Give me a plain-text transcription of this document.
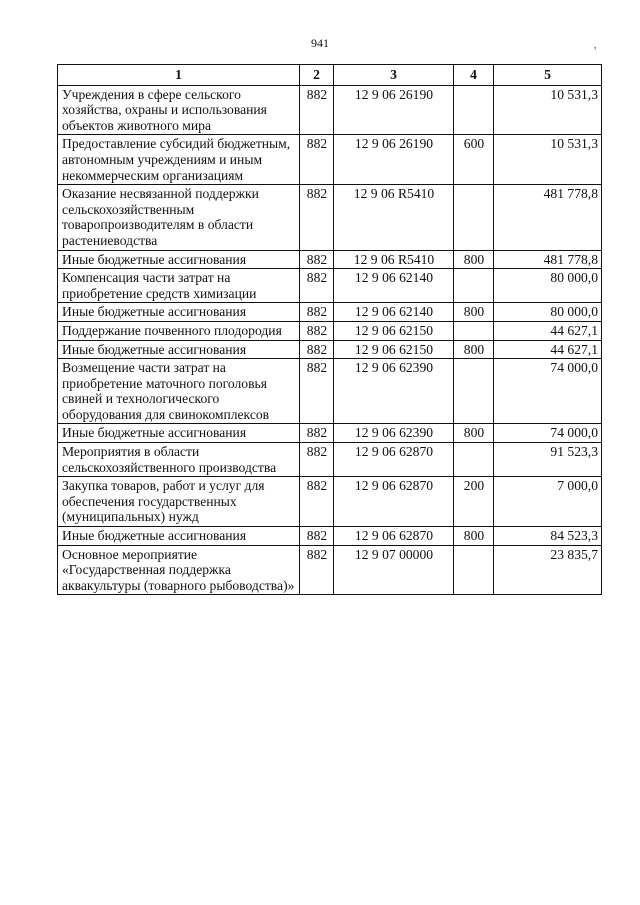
941	,
1	2	3	4	5
Учреждения в сфере сельского хозяйства, охраны и использования объектов животного мира	882	12 9 06 26190		10 531,3
Предоставление субсидий бюджетным, автономным учреждениям и иным некоммерческим организациям	882	12 9 06 26190	600	10 531,3
Оказание несвязанной поддержки сельскохозяйственным товаропроизводителям в области растениеводства	882	12 9 06 R5410		481 778,8
Иные бюджетные ассигнования	882	12 9 06 R5410	800	481 778,8
Компенсация части затрат на приобретение средств химизации	882	12 9 06 62140		80 000,0
Иные бюджетные ассигнования	882	12 9 06 62140	800	80 000,0
Поддержание почвенного плодородия	882	12 9 06 62150		44 627,1
Иные бюджетные ассигнования	882	12 9 06 62150	800	44 627,1
Возмещение части затрат на приобретение маточного поголовья свиней и технологического оборудования для свинокомплексов	882	12 9 06 62390		74 000,0
Иные бюджетные ассигнования	882	12 9 06 62390	800	74 000,0
Мероприятия в области сельскохозяйственного производства	882	12 9 06 62870		91 523,3
Закупка товаров, работ и услуг для обеспечения государственных (муниципальных) нужд	882	12 9 06 62870	200	7 000,0
Иные бюджетные ассигнования	882	12 9 06 62870	800	84 523,3
Основное мероприятие «Государственная поддержка аквакультуры (товарного рыбоводства)»	882	12 9 07 00000		23 835,7
